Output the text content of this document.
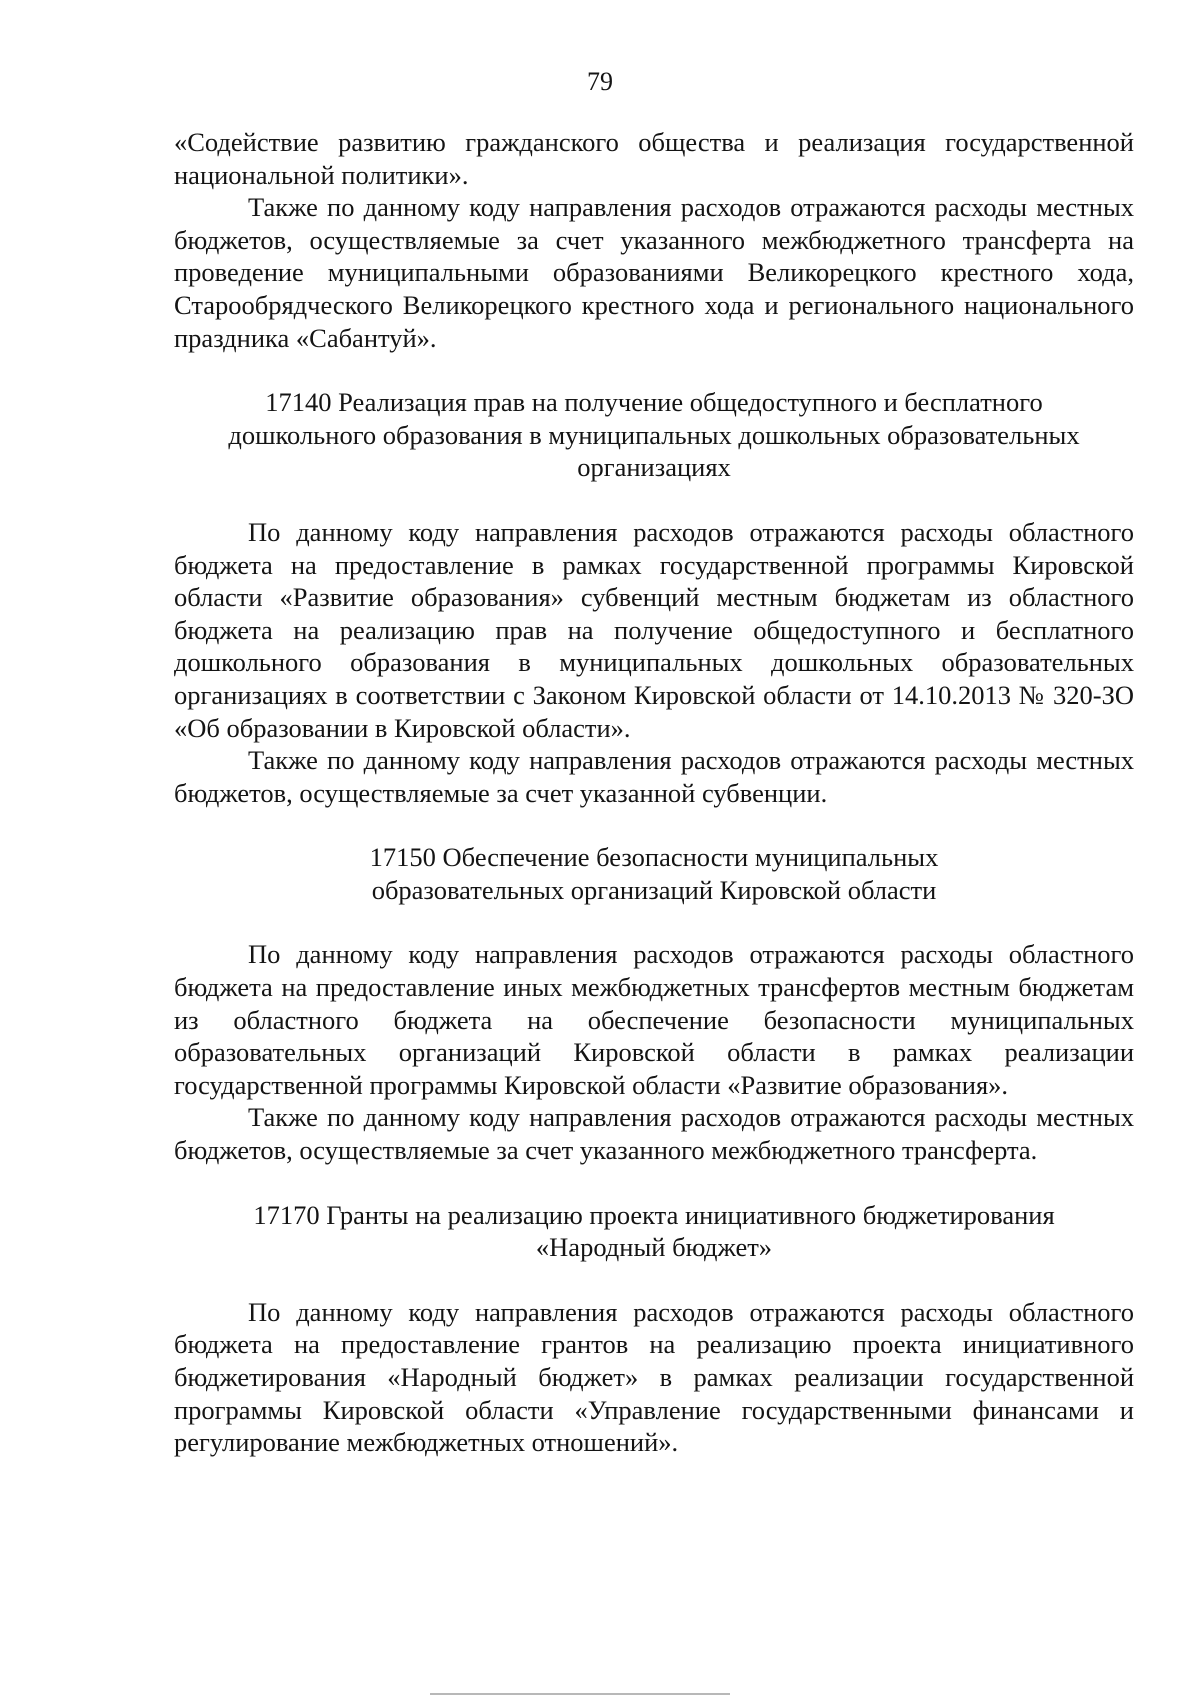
79

«Содействие развитию гражданского общества и реализация государственной национальной политики».

Также по данному коду направления расходов отражаются расходы местных бюджетов, осуществляемые за счет указанного межбюджетного трансферта на проведение муниципальными образованиями Великорецкого крестного хода, Старообрядческого Великорецкого крестного хода и регионального национального праздника «Сабантуй».

17140 Реализация прав на получение общедоступного и бесплатного
дошкольного образования в муниципальных дошкольных образовательных
организациях

По данному коду направления расходов отражаются расходы областного бюджета на предоставление в рамках государственной программы Кировской области «Развитие образования» субвенций местным бюджетам из областного бюджета на реализацию прав на получение общедоступного и бесплатного дошкольного образования в муниципальных дошкольных образовательных организациях в соответствии с Законом Кировской области от 14.10.2013 № 320-ЗО «Об образовании в Кировской области».

Также по данному коду направления расходов отражаются расходы местных бюджетов, осуществляемые за счет указанной субвенции.

17150 Обеспечение безопасности муниципальных
образовательных организаций Кировской области

По данному коду направления расходов отражаются расходы областного бюджета на предоставление иных межбюджетных трансфертов местным бюджетам из областного бюджета на обеспечение безопасности муниципальных образовательных организаций Кировской области в рамках реализации государственной программы Кировской области «Развитие образования».

Также по данному коду направления расходов отражаются расходы местных бюджетов, осуществляемые за счет указанного межбюджетного трансферта.

17170 Гранты на реализацию проекта инициативного бюджетирования
«Народный бюджет»

По данному коду направления расходов отражаются расходы областного бюджета на предоставление грантов на реализацию проекта инициативного бюджетирования «Народный бюджет» в рамках реализации государственной программы Кировской области «Управление государственными финансами и регулирование межбюджетных отношений».
